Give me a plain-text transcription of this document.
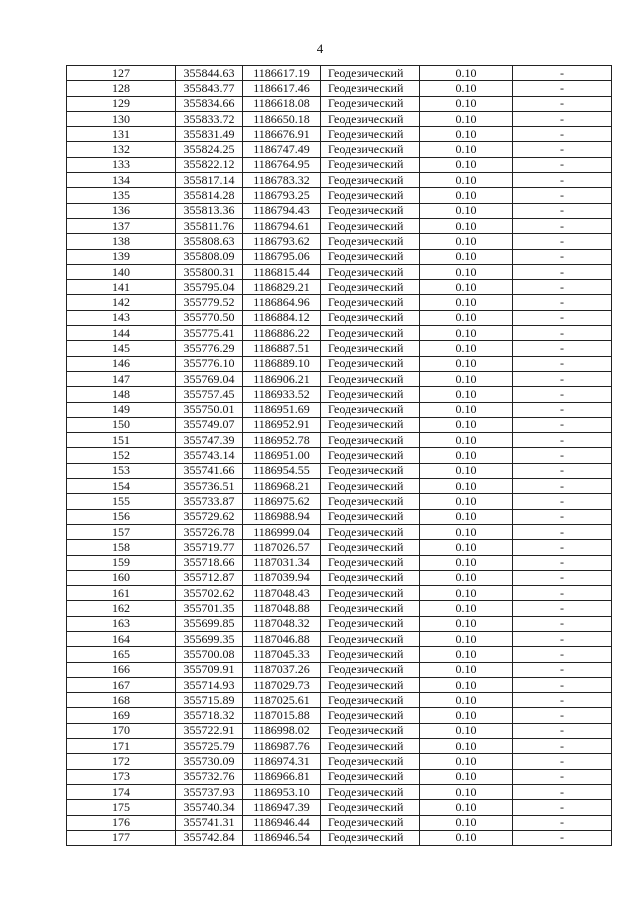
4
127	355844.63	1186617.19	Геодезический	0.10	-
128	355843.77	1186617.46	Геодезический	0.10	-
129	355834.66	1186618.08	Геодезический	0.10	-
130	355833.72	1186650.18	Геодезический	0.10	-
131	355831.49	1186676.91	Геодезический	0.10	-
132	355824.25	1186747.49	Геодезический	0.10	-
133	355822.12	1186764.95	Геодезический	0.10	-
134	355817.14	1186783.32	Геодезический	0.10	-
135	355814.28	1186793.25	Геодезический	0.10	-
136	355813.36	1186794.43	Геодезический	0.10	-
137	355811.76	1186794.61	Геодезический	0.10	-
138	355808.63	1186793.62	Геодезический	0.10	-
139	355808.09	1186795.06	Геодезический	0.10	-
140	355800.31	1186815.44	Геодезический	0.10	-
141	355795.04	1186829.21	Геодезический	0.10	-
142	355779.52	1186864.96	Геодезический	0.10	-
143	355770.50	1186884.12	Геодезический	0.10	-
144	355775.41	1186886.22	Геодезический	0.10	-
145	355776.29	1186887.51	Геодезический	0.10	-
146	355776.10	1186889.10	Геодезический	0.10	-
147	355769.04	1186906.21	Геодезический	0.10	-
148	355757.45	1186933.52	Геодезический	0.10	-
149	355750.01	1186951.69	Геодезический	0.10	-
150	355749.07	1186952.91	Геодезический	0.10	-
151	355747.39	1186952.78	Геодезический	0.10	-
152	355743.14	1186951.00	Геодезический	0.10	-
153	355741.66	1186954.55	Геодезический	0.10	-
154	355736.51	1186968.21	Геодезический	0.10	-
155	355733.87	1186975.62	Геодезический	0.10	-
156	355729.62	1186988.94	Геодезический	0.10	-
157	355726.78	1186999.04	Геодезический	0.10	-
158	355719.77	1187026.57	Геодезический	0.10	-
159	355718.66	1187031.34	Геодезический	0.10	-
160	355712.87	1187039.94	Геодезический	0.10	-
161	355702.62	1187048.43	Геодезический	0.10	-
162	355701.35	1187048.88	Геодезический	0.10	-
163	355699.85	1187048.32	Геодезический	0.10	-
164	355699.35	1187046.88	Геодезический	0.10	-
165	355700.08	1187045.33	Геодезический	0.10	-
166	355709.91	1187037.26	Геодезический	0.10	-
167	355714.93	1187029.73	Геодезический	0.10	-
168	355715.89	1187025.61	Геодезический	0.10	-
169	355718.32	1187015.88	Геодезический	0.10	-
170	355722.91	1186998.02	Геодезический	0.10	-
171	355725.79	1186987.76	Геодезический	0.10	-
172	355730.09	1186974.31	Геодезический	0.10	-
173	355732.76	1186966.81	Геодезический	0.10	-
174	355737.93	1186953.10	Геодезический	0.10	-
175	355740.34	1186947.39	Геодезический	0.10	-
176	355741.31	1186946.44	Геодезический	0.10	-
177	355742.84	1186946.54	Геодезический	0.10	-
